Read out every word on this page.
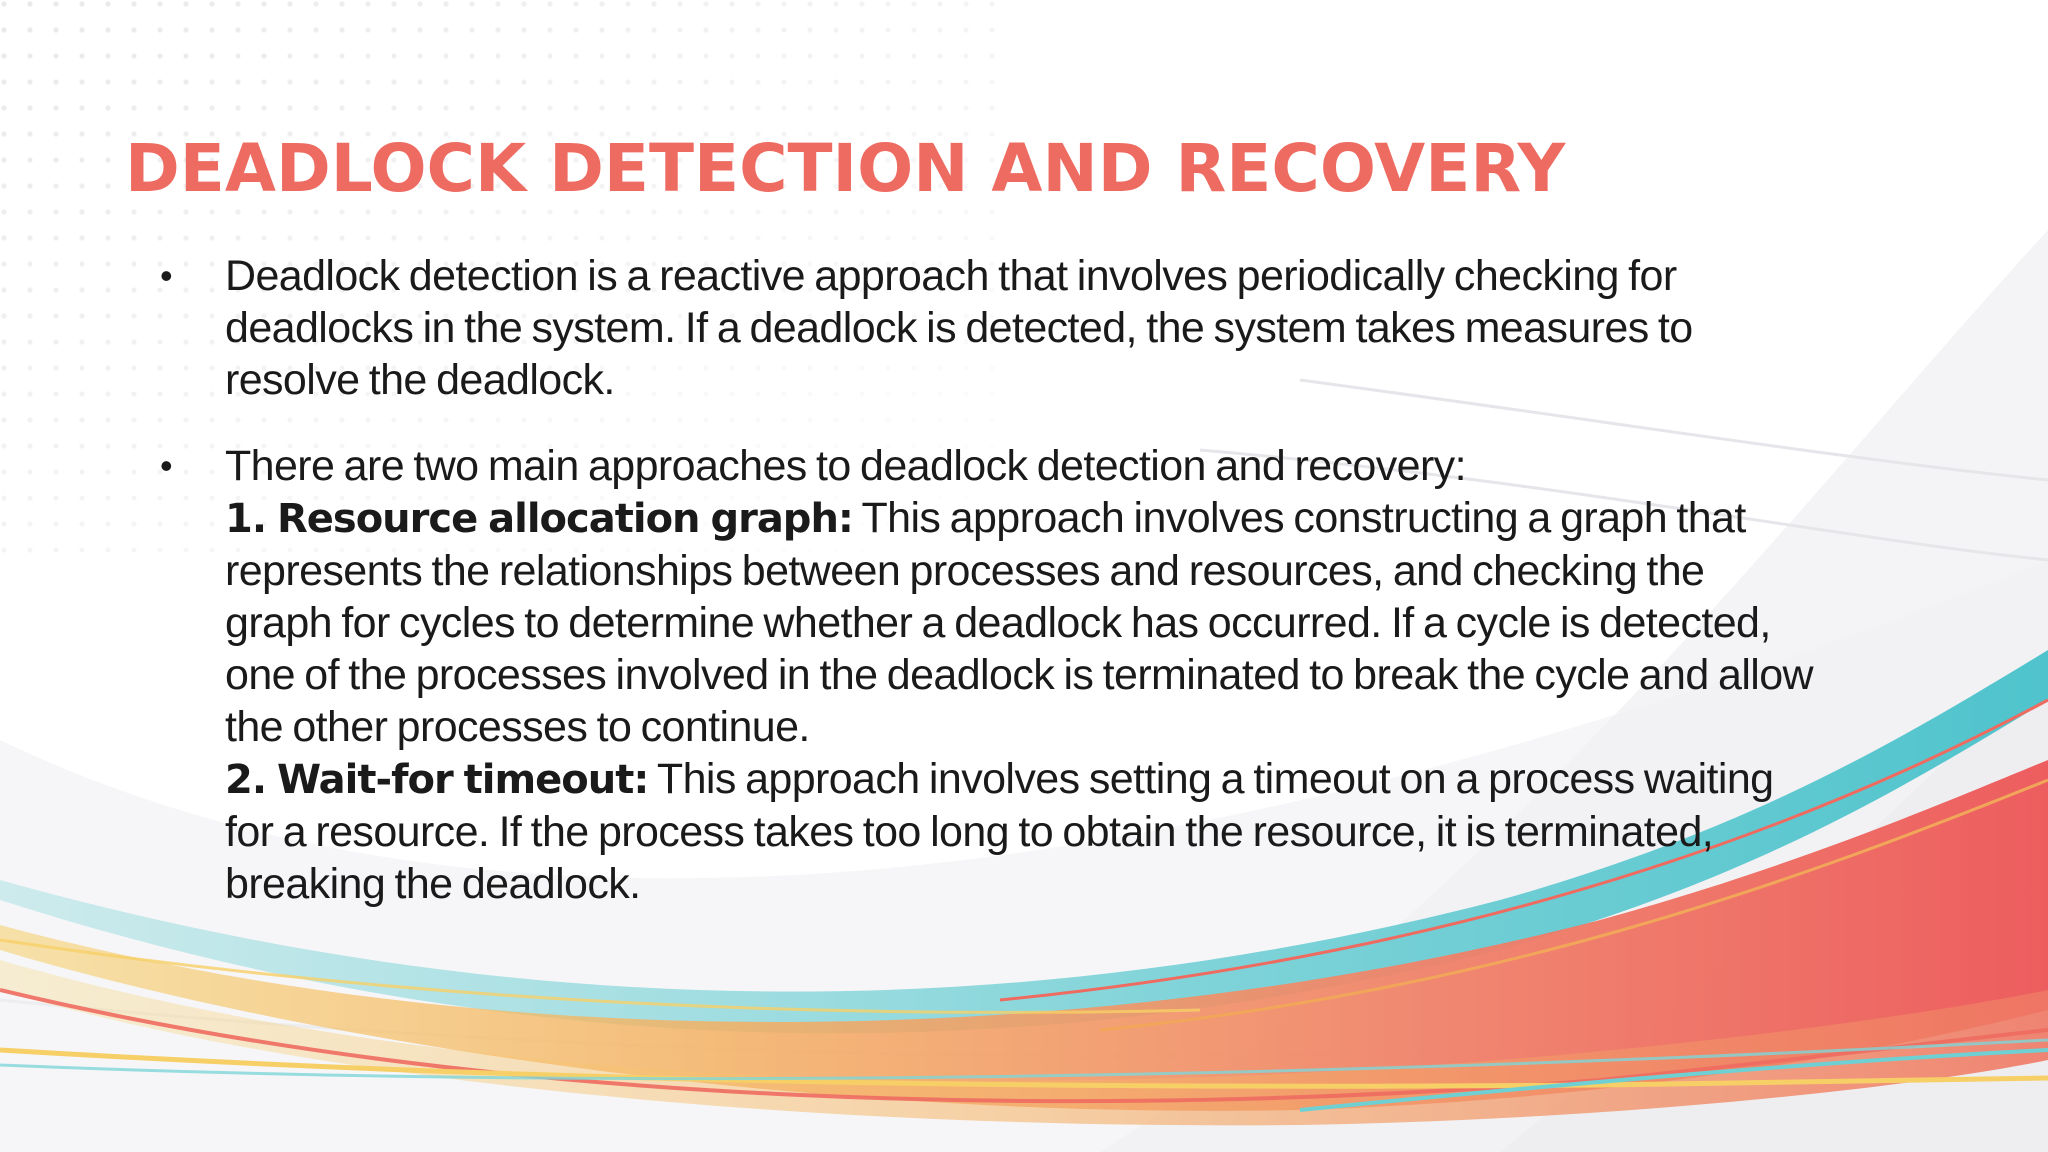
DEADLOCK DETECTION AND RECOVERY
• Deadlock detection is a reactive approach that involves periodically checking for deadlocks in the system. If a deadlock is detected, the system takes measures to resolve the deadlock.
• There are two main approaches to deadlock detection and recovery:
1. Resource allocation graph: This approach involves constructing a graph that represents the relationships between processes and resources, and checking the graph for cycles to determine whether a deadlock has occurred. If a cycle is detected, one of the processes involved in the deadlock is terminated to break the cycle and allow the other processes to continue.
2. Wait-for timeout: This approach involves setting a timeout on a process waiting for a resource. If the process takes too long to obtain the resource, it is terminated, breaking the deadlock.
